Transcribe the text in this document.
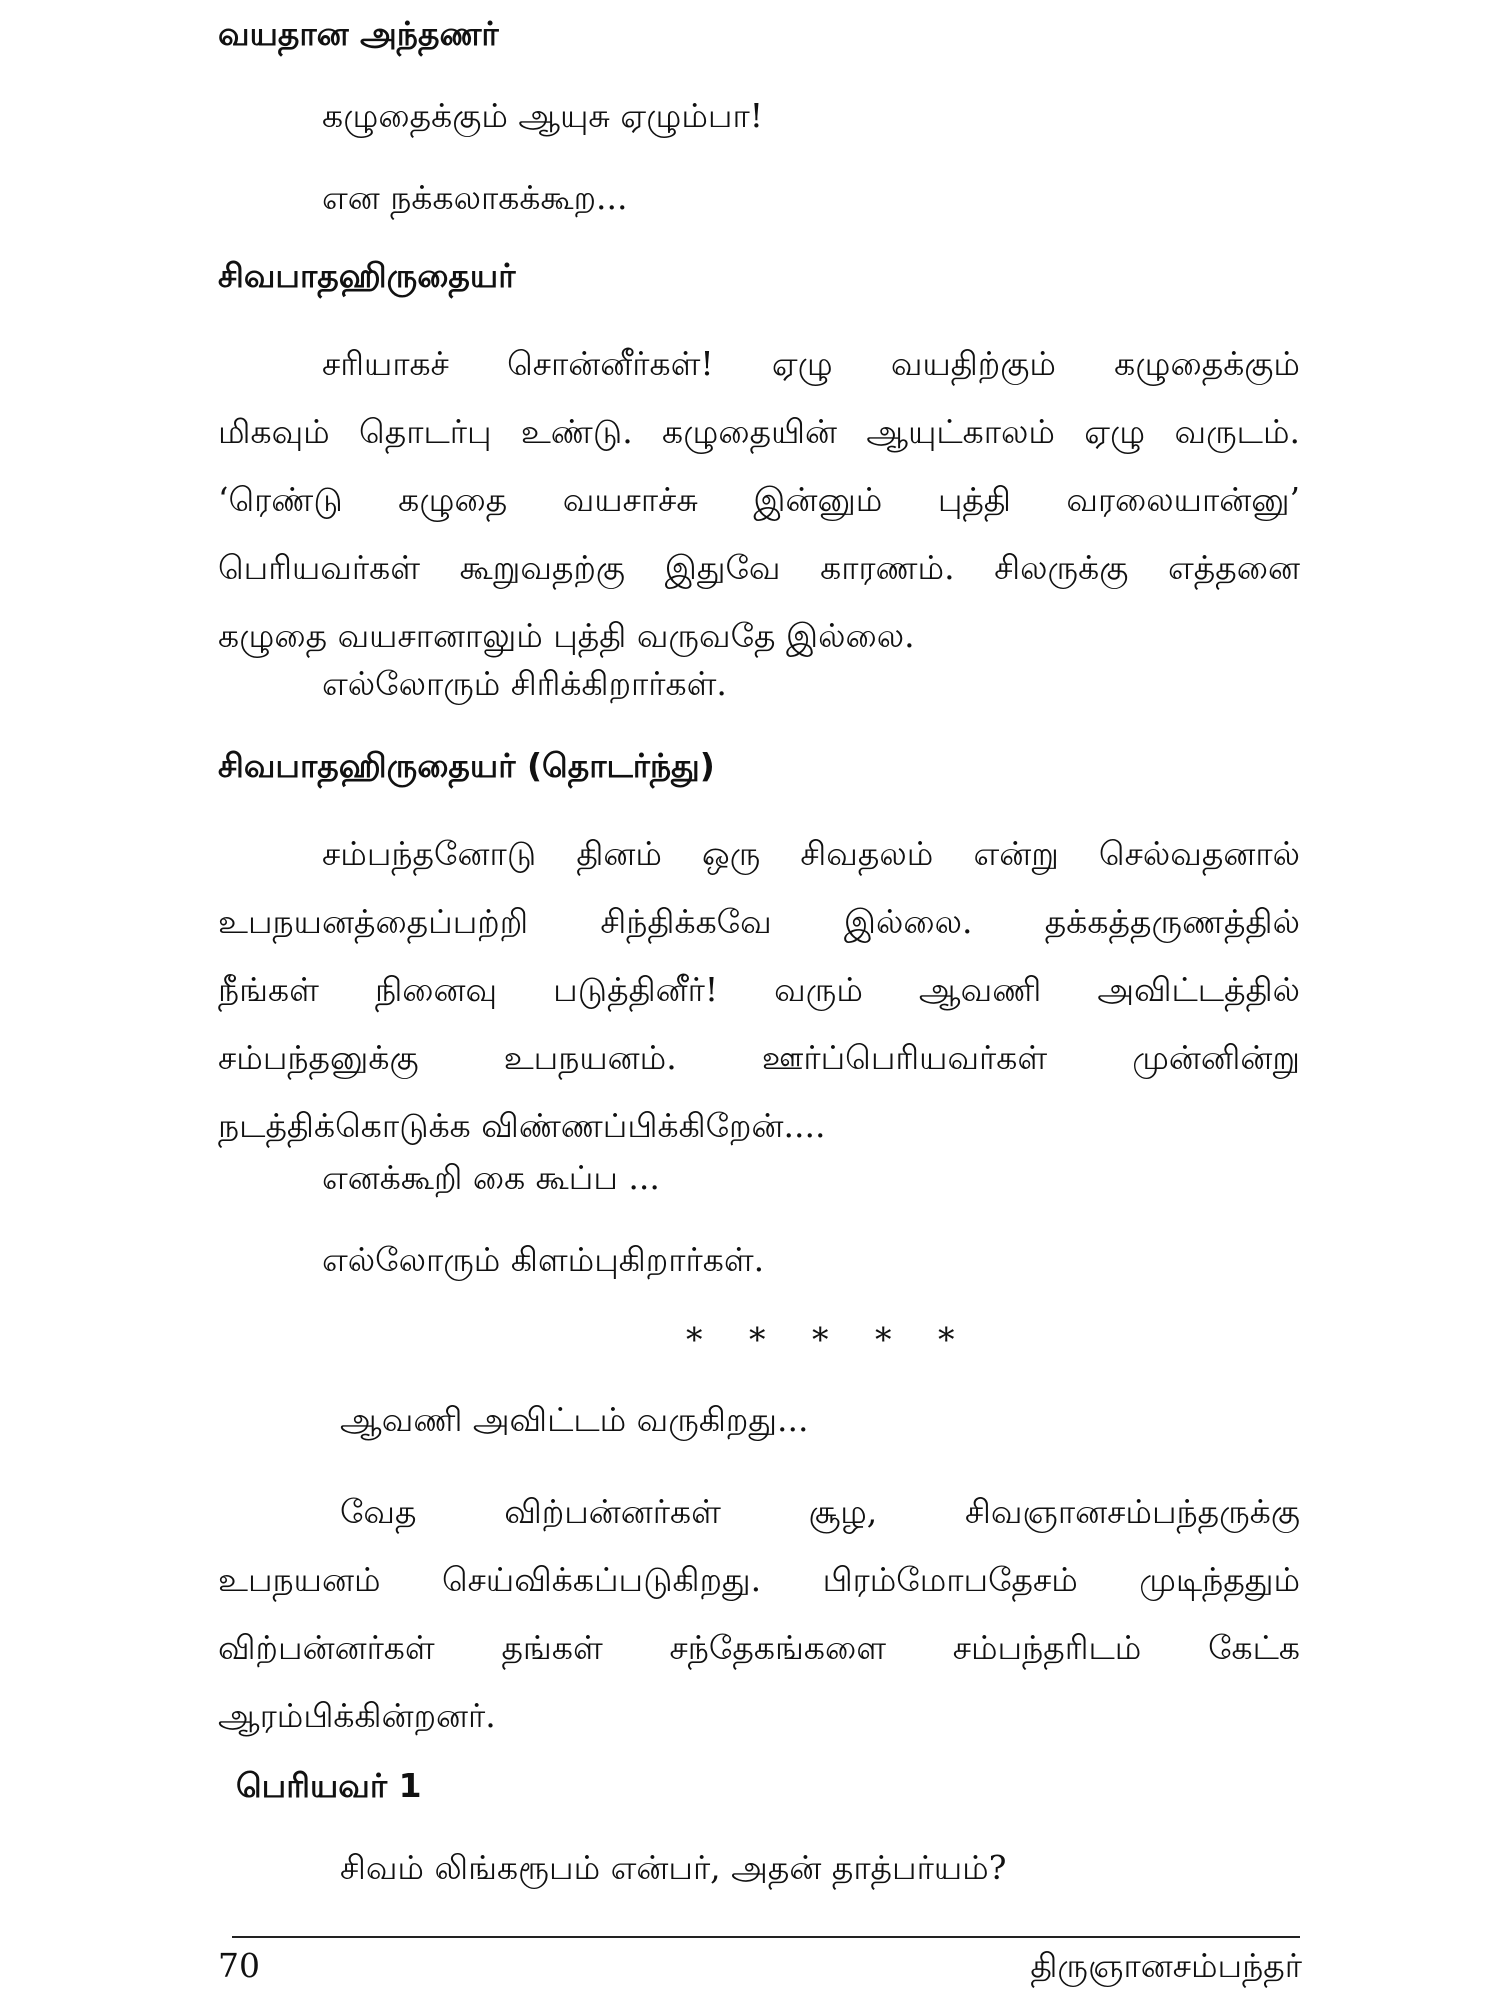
வயதான அந்தணர்
கழுதைக்கும் ஆயுசு ஏழும்பா!
என நக்கலாகக்கூற...
சிவபாதஹிருதையர்
சரியாகச் சொன்னீர்கள்! ஏழு வயதிற்கும் கழுதைக்கும்
மிகவும் தொடர்பு உண்டு. கழுதையின் ஆயுட்காலம் ஏழு வருடம்.
‘ரெண்டு கழுதை வயசாச்சு இன்னும் புத்தி வரலையான்னு’
பெரியவர்கள் கூறுவதற்கு இதுவே காரணம். சிலருக்கு எத்தனை
கழுதை வயசானாலும் புத்தி வருவதே இல்லை.
எல்லோரும் சிரிக்கிறார்கள்.
சிவபாதஹிருதையர் (தொடர்ந்து)
சம்பந்தனோடு தினம் ஒரு சிவதலம் என்று செல்வதனால்
உபநயனத்தைப்பற்றி சிந்திக்கவே இல்லை. தக்கத்தருணத்தில்
நீங்கள் நினைவு படுத்தினீர்! வரும் ஆவணி அவிட்டத்தில்
சம்பந்தனுக்கு உபநயனம். ஊர்ப்பெரியவர்கள் முன்னின்று
நடத்திக்கொடுக்க விண்ணப்பிக்கிறேன்....
எனக்கூறி கை கூப்ப ...
எல்லோரும் கிளம்புகிறார்கள்.
* * * * *
ஆவணி அவிட்டம் வருகிறது...
வேத விற்பன்னர்கள் சூழ, சிவஞானசம்பந்தருக்கு
உபநயனம் செய்விக்கப்படுகிறது. பிரம்மோபதேசம் முடிந்ததும்
விற்பன்னர்கள் தங்கள் சந்தேகங்களை சம்பந்தரிடம் கேட்க
ஆரம்பிக்கின்றனர்.
பெரியவர் 1
சிவம் லிங்கரூபம் என்பர், அதன் தாத்பர்யம்?
70	திருஞானசம்பந்தர்
